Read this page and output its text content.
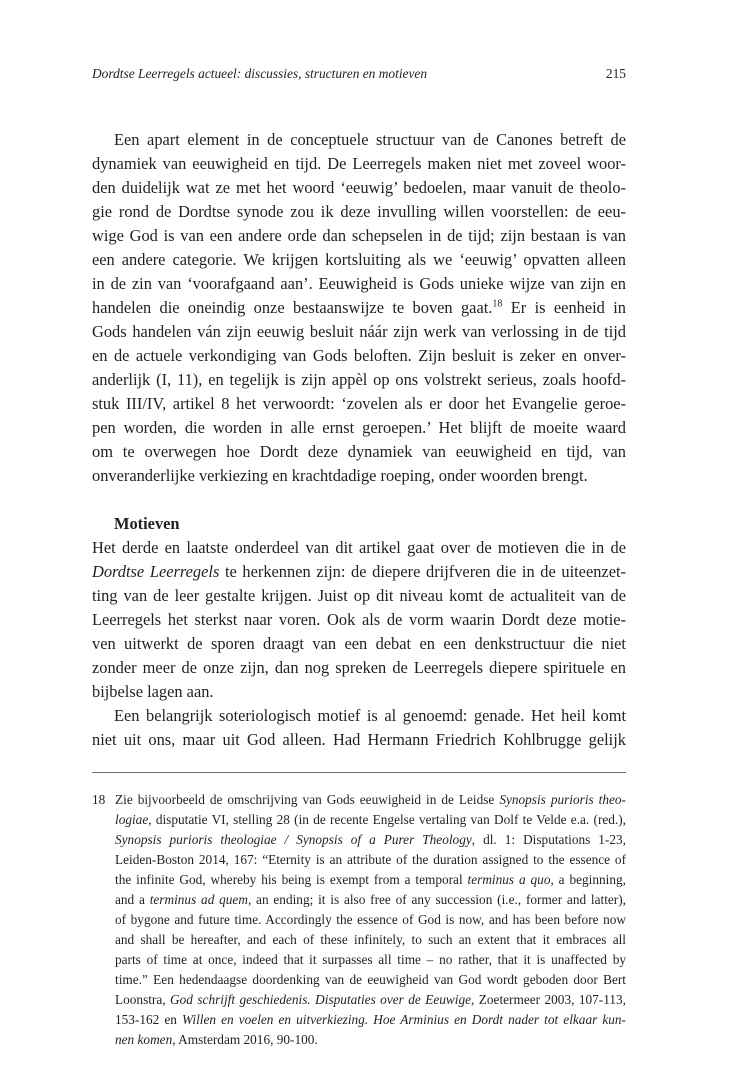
Dordtse Leerregels actueel: discussies, structuren en motieven	215
Een apart element in de conceptuele structuur van de Canones betreft de
dynamiek van eeuwigheid en tijd. De Leerregels maken niet met zoveel woor-
den duidelijk wat ze met het woord ‘eeuwig’ bedoelen, maar vanuit de theolo-
gie rond de Dordtse synode zou ik deze invulling willen voorstellen: de eeu-
wige God is van een andere orde dan schepselen in de tijd; zijn bestaan is van
een andere categorie. We krijgen kortsluiting als we ‘eeuwig’ opvatten alleen
in de zin van ‘voorafgaand aan’. Eeuwigheid is Gods unieke wijze van zijn en
handelen die oneindig onze bestaanswijze te boven gaat.$^{18}$ Er is eenheid in
Gods handelen ván zijn eeuwig besluit náár zijn werk van verlossing in de tijd
en de actuele verkondiging van Gods beloften. Zijn besluit is zeker en onver-
anderlijk (I, 11), en tegelijk is zijn appèl op ons volstrekt serieus, zoals hoofd-
stuk III/IV, artikel 8 het verwoordt: ‘zovelen als er door het Evangelie geroe-
pen worden, die worden in alle ernst geroepen.’ Het blijft de moeite waard
om te overwegen hoe Dordt deze dynamiek van eeuwigheid en tijd, van
onveranderlijke verkiezing en krachtdadige roeping, onder woorden brengt.
Motieven
Het derde en laatste onderdeel van dit artikel gaat over de motieven die in de
Dordtse Leerregels te herkennen zijn: de diepere drijfveren die in de uiteenzet-
ting van de leer gestalte krijgen. Juist op dit niveau komt de actualiteit van de
Leerregels het sterkst naar voren. Ook als de vorm waarin Dordt deze motie-
ven uitwerkt de sporen draagt van een debat en een denkstructuur die niet
zonder meer de onze zijn, dan nog spreken de Leerregels diepere spirituele en
bijbelse lagen aan.
Een belangrijk soteriologisch motief is al genoemd: genade. Het heil komt
niet uit ons, maar uit God alleen. Had Hermann Friedrich Kohlbrugge gelijk
18 Zie bijvoorbeeld de omschrijving van Gods eeuwigheid in de Leidse Synopsis purioris theo-
logiae, disputatie VI, stelling 28 (in de recente Engelse vertaling van Dolf te Velde e.a. (red.),
Synopsis purioris theologiae / Synopsis of a Purer Theology, dl. 1: Disputations 1-23,
Leiden-Boston 2014, 167: “Eternity is an attribute of the duration assigned to the essence of
the infinite God, whereby his being is exempt from a temporal terminus a quo, a beginning,
and a terminus ad quem, an ending; it is also free of any succession (i.e., former and latter),
of bygone and future time. Accordingly the essence of God is now, and has been before now
and shall be hereafter, and each of these infinitely, to such an extent that it embraces all
parts of time at once, indeed that it surpasses all time – no rather, that it is unaffected by
time.” Een hedendaagse doordenking van de eeuwigheid van God wordt geboden door Bert
Loonstra, God schrijft geschiedenis. Disputaties over de Eeuwige, Zoetermeer 2003, 107-113,
153-162 en Willen en voelen en uitverkiezing. Hoe Arminius en Dordt nader tot elkaar kun-
nen komen, Amsterdam 2016, 90-100.
